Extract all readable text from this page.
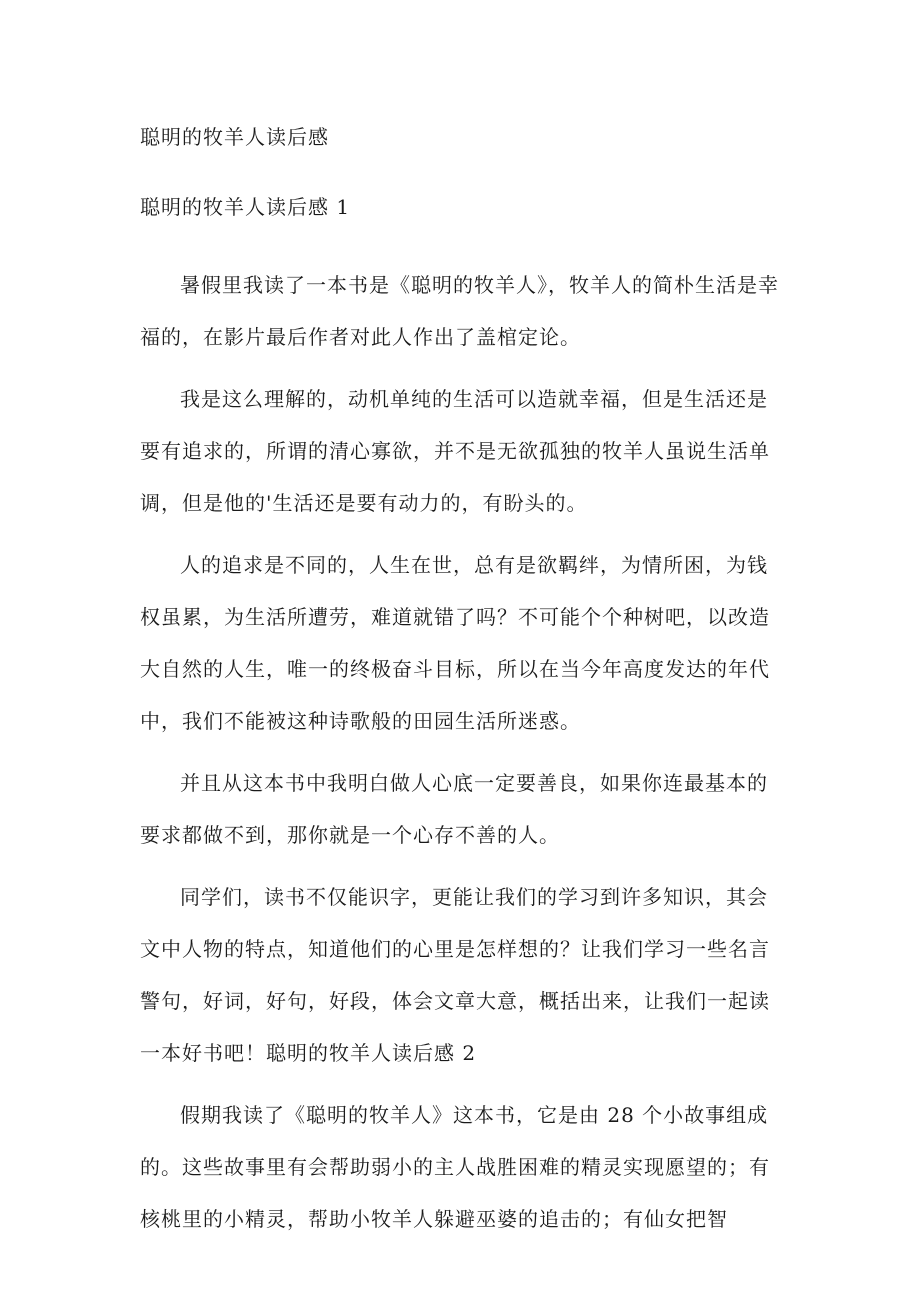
聪明的牧羊人读后感
聪明的牧羊人读后感 1

暑假里我读了一本书是《聪明的牧羊人》，牧羊人的简朴生活是幸福的，在影片最后作者对此人作出了盖棺定论。

我是这么理解的，动机单纯的生活可以造就幸福，但是生活还是要有追求的，所谓的清心寡欲，并不是无欲孤独的牧羊人虽说生活单调，但是他的'生活还是要有动力的，有盼头的。

人的追求是不同的，人生在世，总有是欲羁绊，为情所困，为钱权虽累，为生活所遭劳，难道就错了吗？不可能个个种树吧，以改造大自然的人生，唯一的终极奋斗目标，所以在当今年高度发达的年代中，我们不能被这种诗歌般的田园生活所迷惑。

并且从这本书中我明白做人心底一定要善良，如果你连最基本的要求都做不到，那你就是一个心存不善的人。

同学们，读书不仅能识字，更能让我们的学习到许多知识，其会文中人物的特点，知道他们的心里是怎样想的？让我们学习一些名言警句，好词，好句，好段，体会文章大意，概括出来，让我们一起读一本好书吧！聪明的牧羊人读后感 2

假期我读了《聪明的牧羊人》这本书，它是由 28 个小故事组成的。这些故事里有会帮助弱小的主人战胜困难的精灵实现愿望的；有核桃里的小精灵，帮助小牧羊人躲避巫婆的追击的；有仙女把智
